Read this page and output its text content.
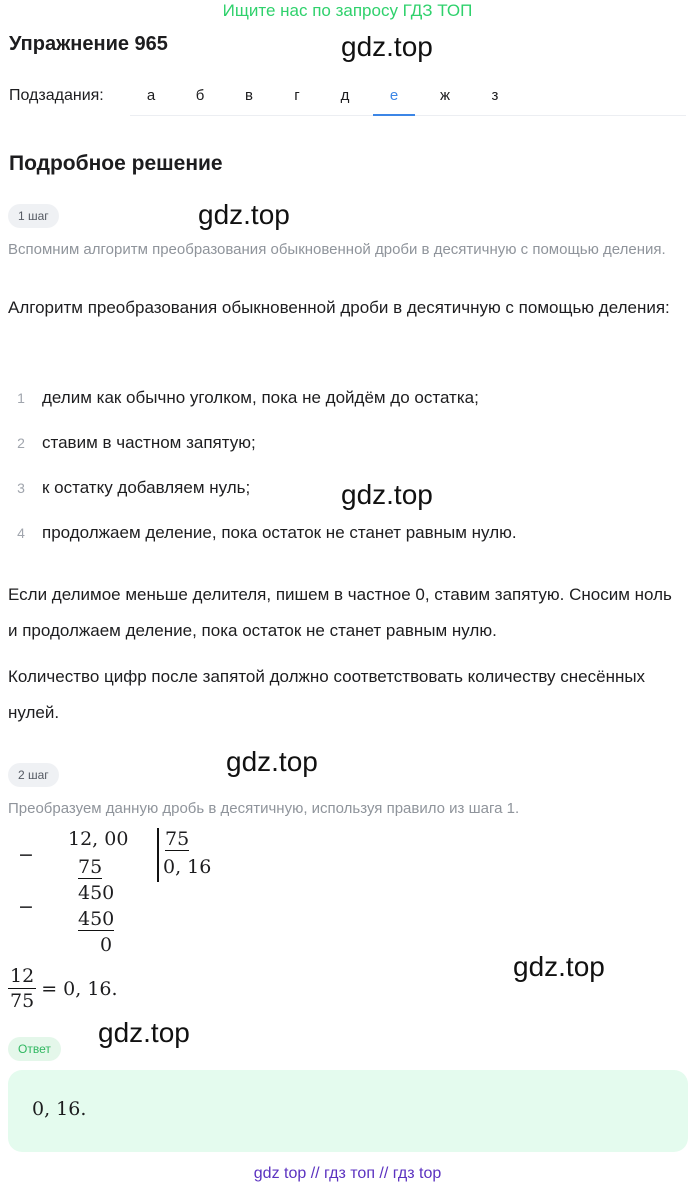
Ищите нас по запросу ГДЗ ТОП
Упражнение 965	gdz.top
gdz.top
gdz.top
gdz.top
gdz.top
gdz.top
Подзадания:	а	б	в	г	д	е	ж	з
Подробное решение
1 шаг
Вспомним алгоритм преобразования обыкновенной дроби в десятичную с помощью деления.
Алгоритм преобразования обыкновенной дроби в десятичную с помощью деления:
1 делим как обычно уголком, пока не дойдём до остатка;
2 ставим в частном запятую;
3 к остатку добавляем нуль;
4 продолжаем деление, пока остаток не станет равным нулю.
Если делимое меньше делителя, пишем в частное 0, ставим запятую. Сносим ноль и продолжаем деление, пока остаток не станет равным нулю.
Количество цифр после запятой должно соответствовать количеству снесённых нулей.
2 шаг
Преобразуем данную дробь в десятичную, используя правило из шага 1.
−
12, 00
75
450
−
450
0
75
0, 16
$\frac{12}{75} = 0$, 16.
Ответ
0, 16.
gdz top // гдз топ // гдз top
